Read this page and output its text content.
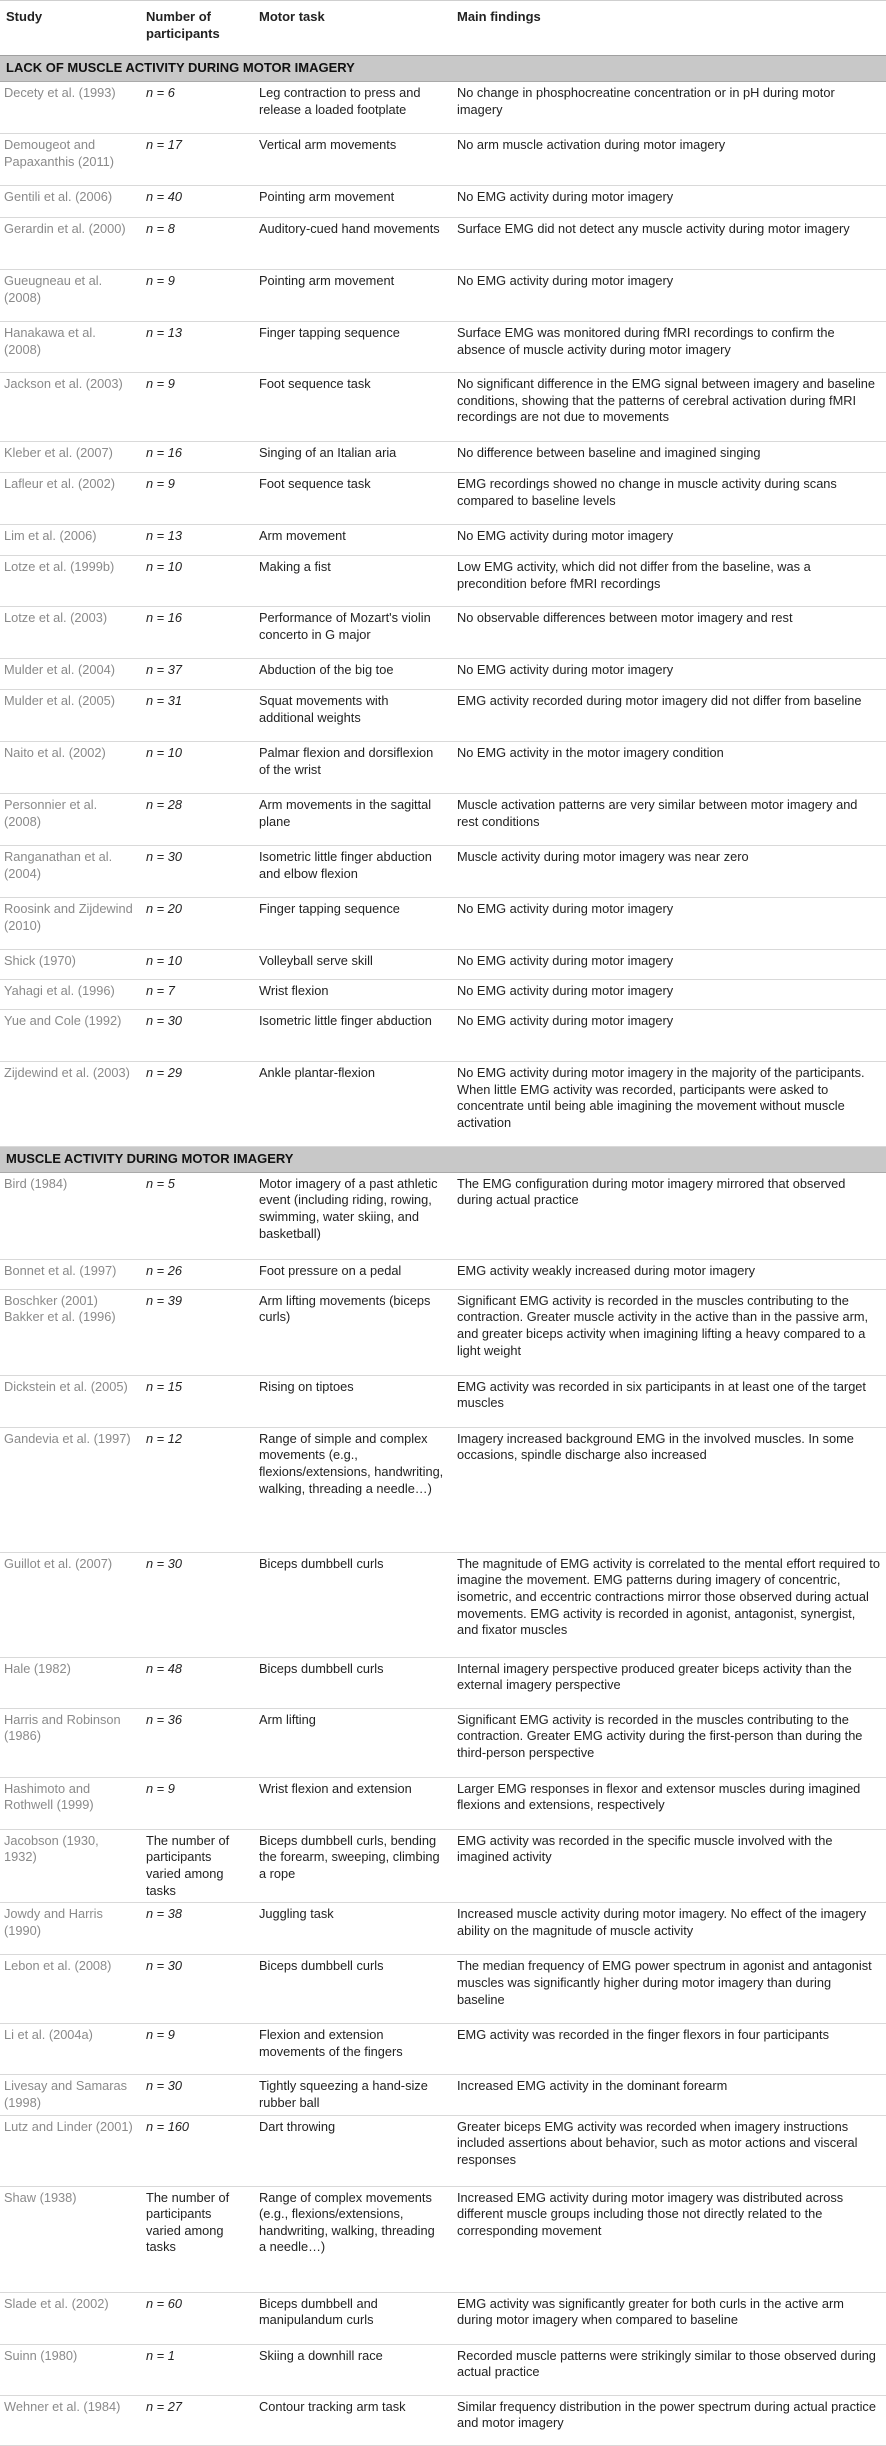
Study	Number of participants	Motor task	Main findings
LACK OF MUSCLE ACTIVITY DURING MOTOR IMAGERY			
Decety et al. (1993)	n = 6	Leg contraction to press and release a loaded footplate	No change in phosphocreatine concentration or in pH during motor imagery
Demougeot and Papaxanthis (2011)	n = 17	Vertical arm movements	No arm muscle activation during motor imagery
Gentili et al. (2006)	n = 40	Pointing arm movement	No EMG activity during motor imagery
Gerardin et al. (2000)	n = 8	Auditory-cued hand movements	Surface EMG did not detect any muscle activity during motor imagery
Gueugneau et al. (2008)	n = 9	Pointing arm movement	No EMG activity during motor imagery
Hanakawa et al. (2008)	n = 13	Finger tapping sequence	Surface EMG was monitored during fMRI recordings to confirm the absence of muscle activity during motor imagery
Jackson et al. (2003)	n = 9	Foot sequence task	No significant difference in the EMG signal between imagery and baseline conditions, showing that the patterns of cerebral activation during fMRI recordings are not due to movements
Kleber et al. (2007)	n = 16	Singing of an Italian aria	No difference between baseline and imagined singing
Lafleur et al. (2002)	n = 9	Foot sequence task	EMG recordings showed no change in muscle activity during scans compared to baseline levels
Lim et al. (2006)	n = 13	Arm movement	No EMG activity during motor imagery
Lotze et al. (1999b)	n = 10	Making a fist	Low EMG activity, which did not differ from the baseline, was a precondition before fMRI recordings
Lotze et al. (2003)	n = 16	Performance of Mozart's violin concerto in G major	No observable differences between motor imagery and rest
Mulder et al. (2004)	n = 37	Abduction of the big toe	No EMG activity during motor imagery
Mulder et al. (2005)	n = 31	Squat movements with additional weights	EMG activity recorded during motor imagery did not differ from baseline
Naito et al. (2002)	n = 10	Palmar flexion and dorsiflexion of the wrist	No EMG activity in the motor imagery condition
Personnier et al. (2008)	n = 28	Arm movements in the sagittal plane	Muscle activation patterns are very similar between motor imagery and rest conditions
Ranganathan et al. (2004)	n = 30	Isometric little finger abduction and elbow flexion	Muscle activity during motor imagery was near zero
Roosink and Zijdewind (2010)	n = 20	Finger tapping sequence	No EMG activity during motor imagery
Shick (1970)	n = 10	Volleyball serve skill	No EMG activity during motor imagery
Yahagi et al. (1996)	n = 7	Wrist flexion	No EMG activity during motor imagery
Yue and Cole (1992)	n = 30	Isometric little finger abduction	No EMG activity during motor imagery
Zijdewind et al. (2003)	n = 29	Ankle plantar-flexion	No EMG activity during motor imagery in the majority of the participants. When little EMG activity was recorded, participants were asked to concentrate until being able imagining the movement without muscle activation
MUSCLE ACTIVITY DURING MOTOR IMAGERY			
Bird (1984)	n = 5	Motor imagery of a past athletic event (including riding, rowing, swimming, water skiing, and basketball)	The EMG configuration during motor imagery mirrored that observed during actual practice
Bonnet et al. (1997)	n = 26	Foot pressure on a pedal	EMG activity weakly increased during motor imagery
Boschker (2001) Bakker et al. (1996)	n = 39	Arm lifting movements (biceps curls)	Significant EMG activity is recorded in the muscles contributing to the contraction. Greater muscle activity in the active than in the passive arm, and greater biceps activity when imagining lifting a heavy compared to a light weight
Dickstein et al. (2005)	n = 15	Rising on tiptoes	EMG activity was recorded in six participants in at least one of the target muscles
Gandevia et al. (1997)	n = 12	Range of simple and complex movements (e.g., flexions/extensions, handwriting, walking, threading a needle…)	Imagery increased background EMG in the involved muscles. In some occasions, spindle discharge also increased
Guillot et al. (2007)	n = 30	Biceps dumbbell curls	The magnitude of EMG activity is correlated to the mental effort required to imagine the movement. EMG patterns during imagery of concentric, isometric, and eccentric contractions mirror those observed during actual movements. EMG activity is recorded in agonist, antagonist, synergist, and fixator muscles
Hale (1982)	n = 48	Biceps dumbbell curls	Internal imagery perspective produced greater biceps activity than the external imagery perspective
Harris and Robinson (1986)	n = 36	Arm lifting	Significant EMG activity is recorded in the muscles contributing to the contraction. Greater EMG activity during the first-person than during the third-person perspective
Hashimoto and Rothwell (1999)	n = 9	Wrist flexion and extension	Larger EMG responses in flexor and extensor muscles during imagined flexions and extensions, respectively
Jacobson (1930, 1932)	The number of participants varied among tasks	Biceps dumbbell curls, bending the forearm, sweeping, climbing a rope	EMG activity was recorded in the specific muscle involved with the imagined activity
Jowdy and Harris (1990)	n = 38	Juggling task	Increased muscle activity during motor imagery. No effect of the imagery ability on the magnitude of muscle activity
Lebon et al. (2008)	n = 30	Biceps dumbbell curls	The median frequency of EMG power spectrum in agonist and antagonist muscles was significantly higher during motor imagery than during baseline
Li et al. (2004a)	n = 9	Flexion and extension movements of the fingers	EMG activity was recorded in the finger flexors in four participants
Livesay and Samaras (1998)	n = 30	Tightly squeezing a hand-size rubber ball	Increased EMG activity in the dominant forearm
Lutz and Linder (2001)	n = 160	Dart throwing	Greater biceps EMG activity was recorded when imagery instructions included assertions about behavior, such as motor actions and visceral responses
Shaw (1938)	The number of participants varied among tasks	Range of complex movements (e.g., flexions/extensions, handwriting, walking, threading a needle…)	Increased EMG activity during motor imagery was distributed across different muscle groups including those not directly related to the corresponding movement
Slade et al. (2002)	n = 60	Biceps dumbbell and manipulandum curls	EMG activity was significantly greater for both curls in the active arm during motor imagery when compared to baseline
Suinn (1980)	n = 1	Skiing a downhill race	Recorded muscle patterns were strikingly similar to those observed during actual practice
Wehner et al. (1984)	n = 27	Contour tracking arm task	Similar frequency distribution in the power spectrum during actual practice and motor imagery
